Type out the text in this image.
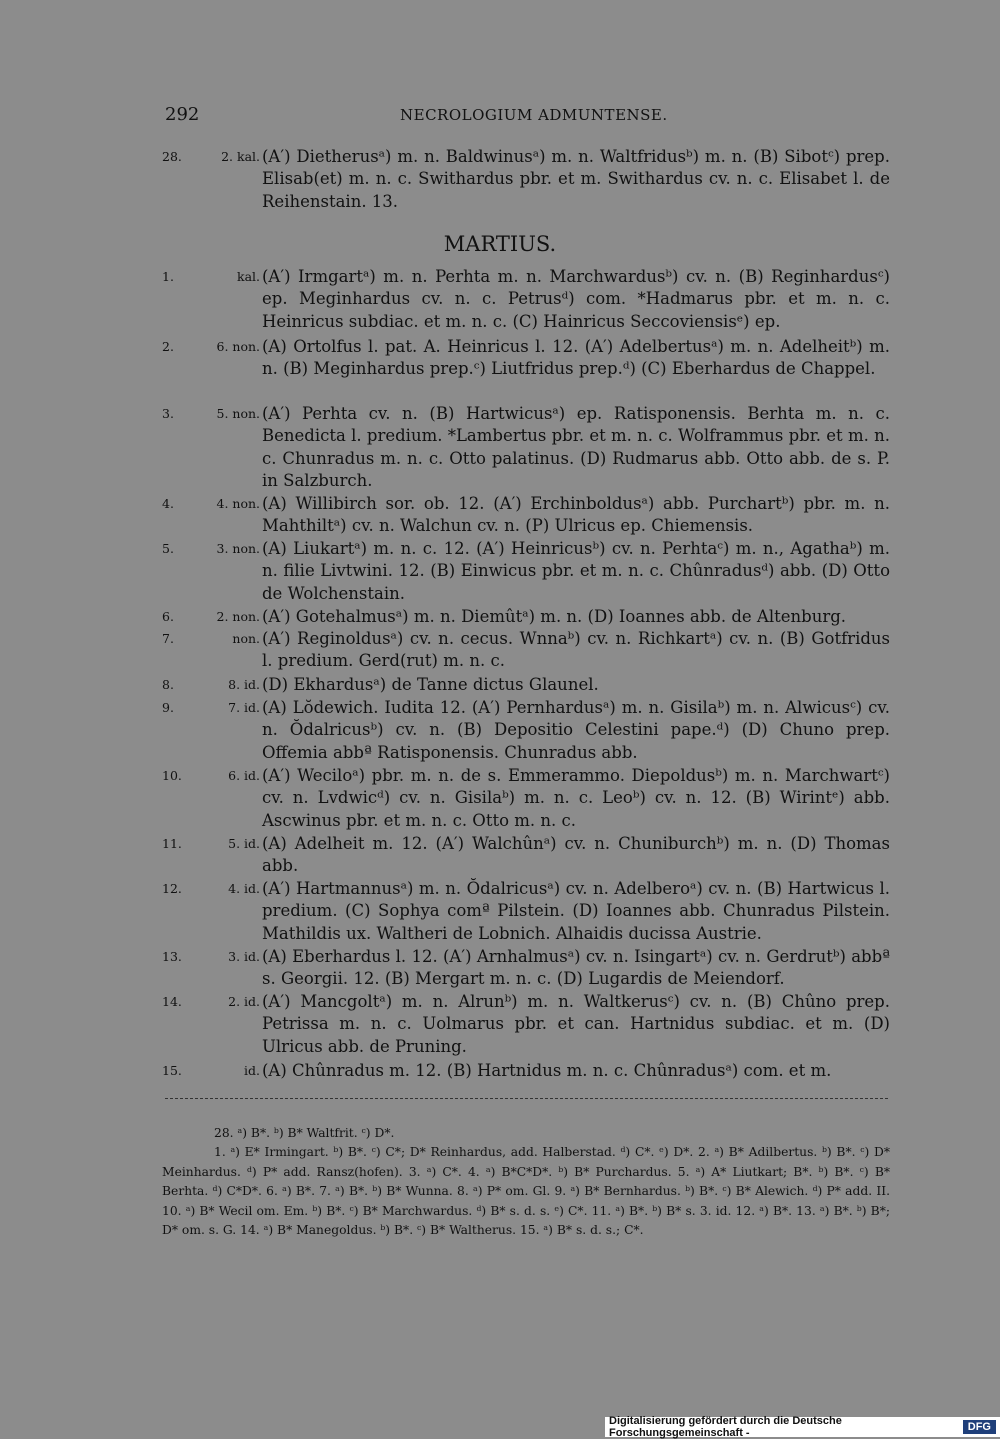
292	NECROLOGIUM ADMUNTENSE.
28.	2. kal. (A′) Dietherusᵃ) m. n. Baldwinusᵃ) m. n. Waltfridusᵇ) m. n. (B) Sibotᶜ) prep. Elisab(et) m. n. c. Swithardus pbr. et m. Swithardus cv. n. c. Elisabet l. de Reihenstain. 13.
MARTIUS.
1.	kal. (A′) Irmgartᵃ) m. n. Perhta m. n. Marchwardusᵇ) cv. n. (B) Reginhardusᶜ) ep. Meginhardus cv. n. c. Petrusᵈ) com. *Hadmarus pbr. et m. n. c. Heinricus subdiac. et m. n. c. (C) Hainricus Seccoviensisᵉ) ep.
2.	6. non. (A) Ortolfus l. pat. A. Heinricus l. 12. (A′) Adelbertusᵃ) m. n. Adelheitᵇ) m. n. (B) Meginhardus prep.ᶜ) Liutfridus prep.ᵈ) (C) Eberhardus de Chappel.
3.	5. non. (A′) Perhta cv. n. (B) Hartwicusᵃ) ep. Ratisponensis. Berhta m. n. c. Benedicta l. predium. *Lambertus pbr. et m. n. c. Wolframmus pbr. et m. n. c. Chunradus m. n. c. Otto palatinus. (D) Rudmarus abb. Otto abb. de s. P. in Salzburch.
4.	4. non. (A) Willibirch sor. ob. 12. (A′) Erchinboldusᵃ) abb. Purchartᵇ) pbr. m. n. Mahthiltᵃ) cv. n. Walchun cv. n. (P) Ulricus ep. Chiemensis.
5.	3. non. (A) Liukartᵃ) m. n. c. 12. (A′) Heinricusᵇ) cv. n. Perhtaᶜ) m. n., Agathaᵇ) m. n. filie Livtwini. 12. (B) Einwicus pbr. et m. n. c. Chûnradusᵈ) abb. (D) Otto de Wolchenstain.
6.	2. non. (A′) Gotehalmusᵃ) m. n. Diemûtᵃ) m. n. (D) Ioannes abb. de Altenburg.
7.	non. (A′) Reginoldusᵃ) cv. n. cecus. Wnnaᵇ) cv. n. Richkartᵃ) cv. n. (B) Gotfridus l. predium. Gerd(rut) m. n. c.
8.	8. id. (D) Ekhardusᵃ) de Tanne dictus Glaunel.
9.	7. id. (A) Lŏdewich. Iudita 12. (A′) Pernhardusᵃ) m. n. Gisilaᵇ) m. n. Alwicusᶜ) cv. n. Ŏdalricusᵇ) cv. n. (B) Depositio Celestini pape.ᵈ) (D) Chuno prep. Offemia abbª Ratisponensis. Chunradus abb.
10.	6. id. (A′) Weciloᵃ) pbr. m. n. de s. Emmerammo. Diepoldusᵇ) m. n. Marchwartᶜ) cv. n. Lvdwicᵈ) cv. n. Gisilaᵇ) m. n. c. Leoᵇ) cv. n. 12. (B) Wirintᵉ) abb. Ascwinus pbr. et m. n. c. Otto m. n. c.
11.	5. id. (A) Adelheit m. 12. (A′) Walchûnᵃ) cv. n. Chuniburchᵇ) m. n. (D) Thomas abb.
12.	4. id. (A′) Hartmannusᵃ) m. n. Ŏdalricusᵃ) cv. n. Adelberoᵃ) cv. n. (B) Hartwicus l. predium. (C) Sophya comª Pilstein. (D) Ioannes abb. Chunradus Pilstein. Mathildis ux. Waltheri de Lobnich. Alhaidis ducissa Austrie.
13.	3. id. (A) Eberhardus l. 12. (A′) Arnhalmusᵃ) cv. n. Isingartᵃ) cv. n. Gerdrutᵇ) abbª s. Georgii. 12. (B) Mergart m. n. c. (D) Lugardis de Meiendorf.
14.	2. id. (A′) Mancgoltᵃ) m. n. Alrunᵇ) m. n. Waltkerusᶜ) cv. n. (B) Chûno prep. Petrissa m. n. c. Uolmarus pbr. et can. Hartnidus subdiac. et m. (D) Ulricus abb. de Pruning.
15.	id. (A) Chûnradus m. 12. (B) Hartnidus m. n. c. Chûnradusᵃ) com. et m.

28. ᵃ) B*. ᵇ) B* Waltfrit. ᶜ) D*.

1. ᵃ) E* Irmingart. ᵇ) B*. ᶜ) C*; D* Reinhardus, add. Halberstad. ᵈ) C*. ᵉ) D*. 2. ᵃ) B* Adilbertus. ᵇ) B*. ᶜ) D* Meinhardus. ᵈ) P* add. Ransz(hofen). 3. ᵃ) C*. 4. ᵃ) B*C*D*. ᵇ) B* Purchardus. 5. ᵃ) A* Liutkart; B*. ᵇ) B*. ᶜ) B* Berhta. ᵈ) C*D*. 6. ᵃ) B*. 7. ᵃ) B*. ᵇ) B* Wunna. 8. ᵃ) P* om. Gl. 9. ᵃ) B* Bernhardus. ᵇ) B*. ᶜ) B* Alewich. ᵈ) P* add. II. 10. ᵃ) B* Wecil om. Em. ᵇ) B*. ᶜ) B* Marchwardus. ᵈ) B* s. d. s. ᵉ) C*. 11. ᵃ) B*. ᵇ) B* s. 3. id. 12. ᵃ) B*. 13. ᵃ) B*. ᵇ) B*; D* om. s. G. 14. ᵃ) B* Manegoldus. ᵇ) B*. ᶜ) B* Waltherus. 15. ᵃ) B* s. d. s.; C*.

Digitalisierung gefördert durch die Deutsche Forschungsgemeinschaft -	DFG
